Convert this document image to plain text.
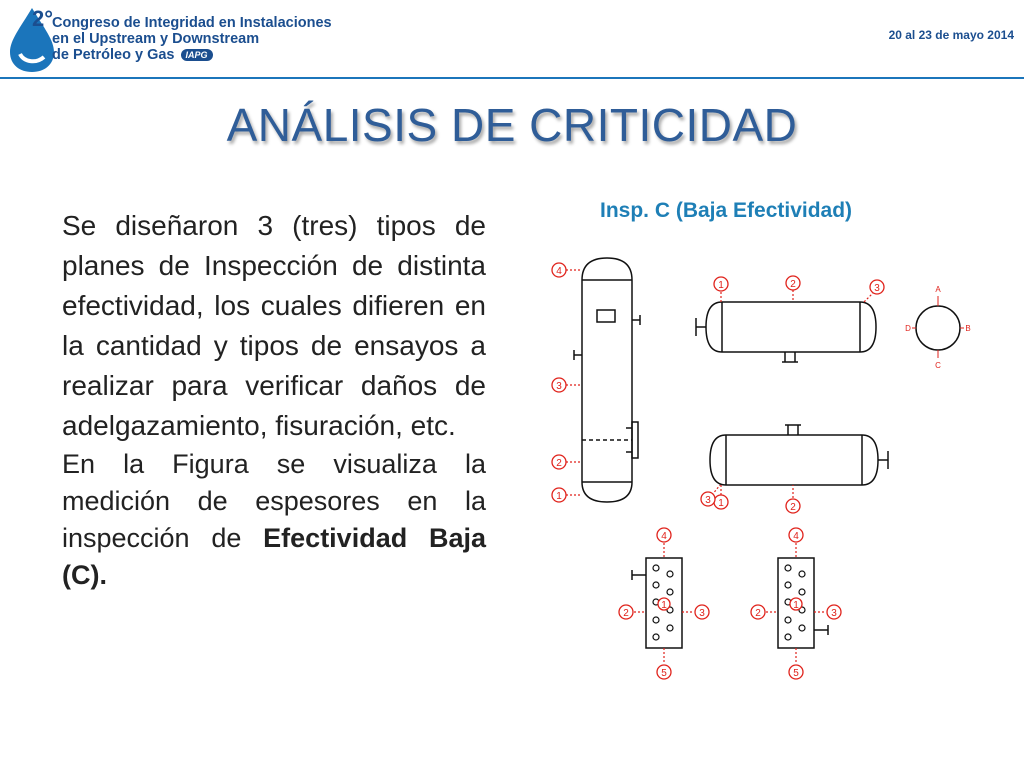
2°
Congreso de Integridad en Instalaciones
en el Upstream y Downstream
de Petróleo y Gas IAPG
20 al 23 de mayo 2014
ANÁLISIS DE CRITICIDAD

Se diseñaron 3 (tres) tipos de planes de Inspección de distinta efectividad, los cuales difieren en la cantidad y tipos de ensayos a realizar para verificar daños de adelgazamiento, fisuración, etc.

En la Figura se visualiza la medición de espesores en la inspección de Efectividad Baja (C).

Insp. C (Baja Efectividad)
4
3
2
1
1	2	3
1	2
3
4
5
2	3
1
4
5
2	3
1
A
B
C
D
